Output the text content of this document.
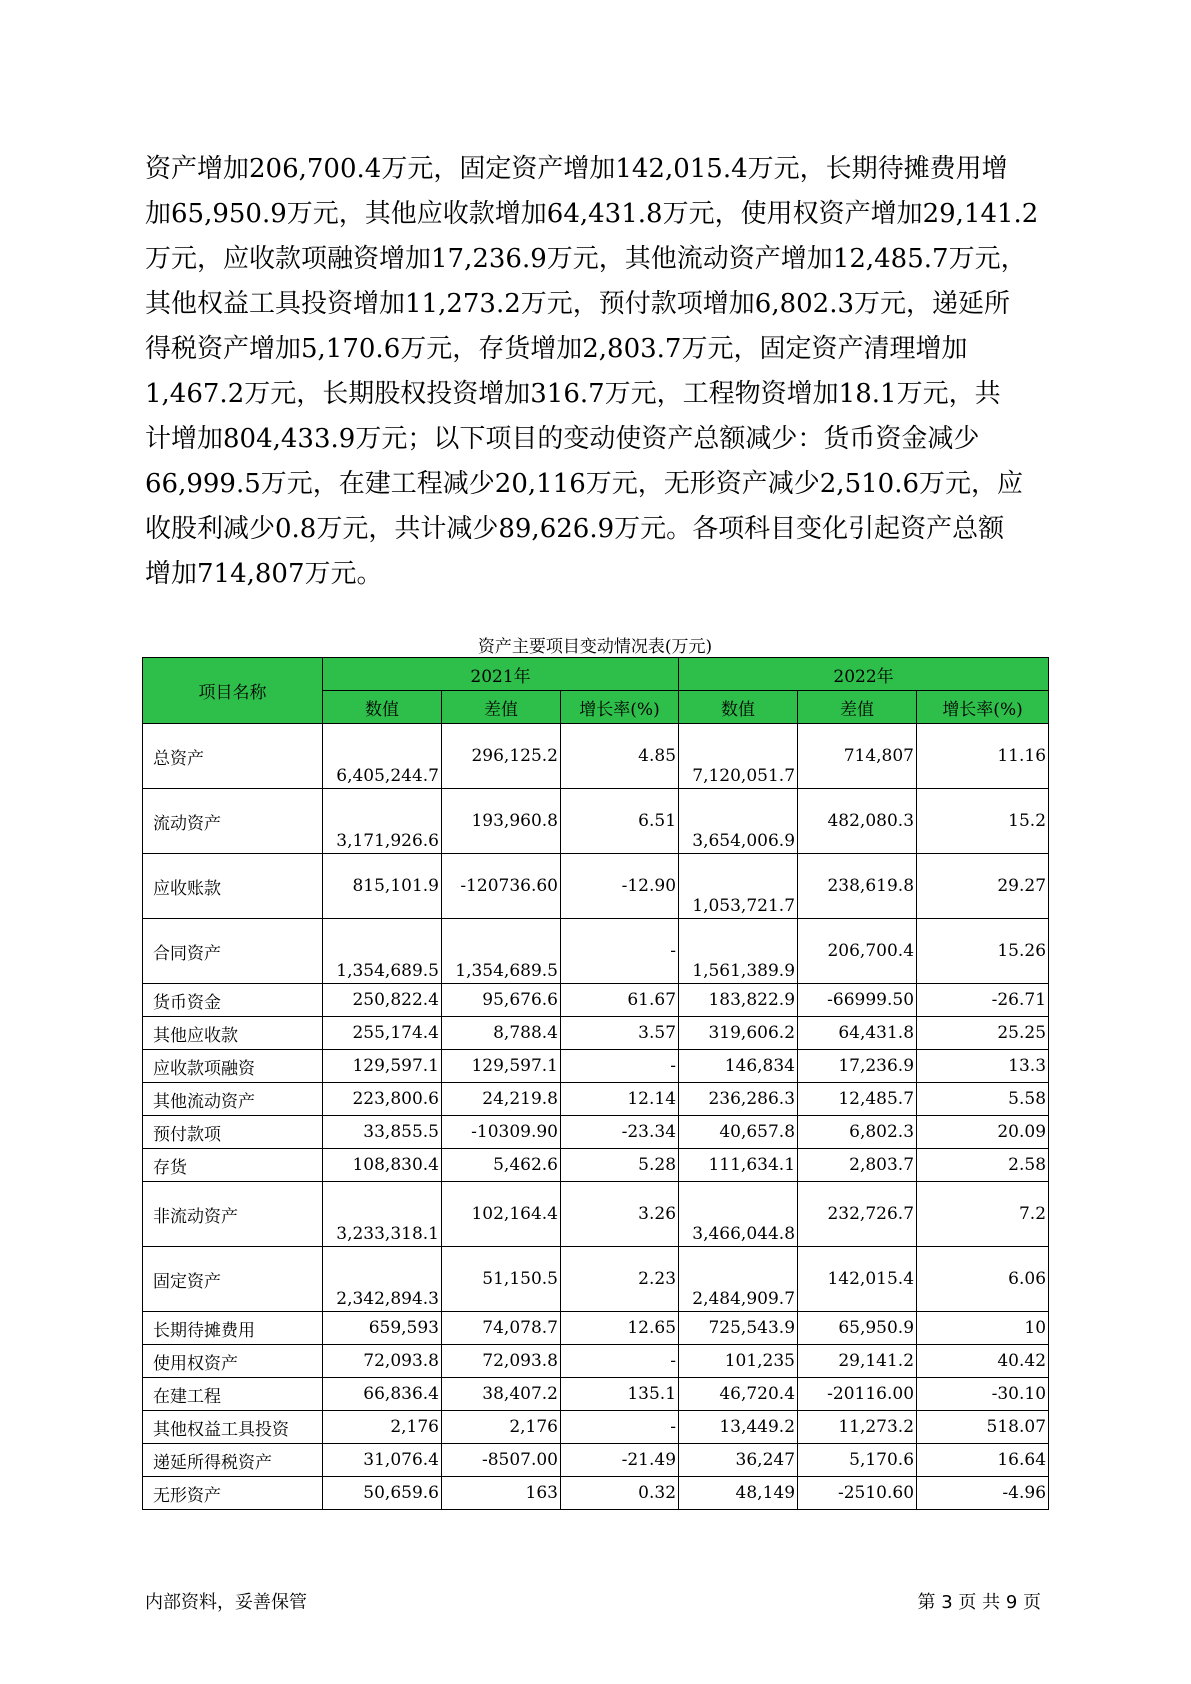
资产增加206,700.4万元，固定资产增加142,015.4万元，长期待摊费用增
加65,950.9万元，其他应收款增加64,431.8万元，使用权资产增加29,141.2
万元，应收款项融资增加17,236.9万元，其他流动资产增加12,485.7万元，
其他权益工具投资增加11,273.2万元，预付款项增加6,802.3万元，递延所
得税资产增加5,170.6万元，存货增加2,803.7万元，固定资产清理增加
1,467.2万元，长期股权投资增加316.7万元，工程物资增加18.1万元，共
计增加804,433.9万元；以下项目的变动使资产总额减少：货币资金减少
66,999.5万元，在建工程减少20,116万元，无形资产减少2,510.6万元，应
收股利减少0.8万元，共计减少89,626.9万元。各项科目变化引起资产总额
增加714,807万元。
资产主要项目变动情况表(万元)
项目名称	2021年			2022年		
	数值	差值	增长率(%)	数值	差值	增长率(%)
总资产	6,405,244.7	296,125.2	4.85	7,120,051.7	714,807	11.16
流动资产	3,171,926.6	193,960.8	6.51	3,654,006.9	482,080.3	15.2
应收账款	815,101.9	-120736.60	-12.90	1,053,721.7	238,619.8	29.27
合同资产	1,354,689.5	1,354,689.5	-	1,561,389.9	206,700.4	15.26
货币资金	250,822.4	95,676.6	61.67	183,822.9	-66999.50	-26.71
其他应收款	255,174.4	8,788.4	3.57	319,606.2	64,431.8	25.25
应收款项融资	129,597.1	129,597.1	-	146,834	17,236.9	13.3
其他流动资产	223,800.6	24,219.8	12.14	236,286.3	12,485.7	5.58
预付款项	33,855.5	-10309.90	-23.34	40,657.8	6,802.3	20.09
存货	108,830.4	5,462.6	5.28	111,634.1	2,803.7	2.58
非流动资产	3,233,318.1	102,164.4	3.26	3,466,044.8	232,726.7	7.2
固定资产	2,342,894.3	51,150.5	2.23	2,484,909.7	142,015.4	6.06
长期待摊费用	659,593	74,078.7	12.65	725,543.9	65,950.9	10
使用权资产	72,093.8	72,093.8	-	101,235	29,141.2	40.42
在建工程	66,836.4	38,407.2	135.1	46,720.4	-20116.00	-30.10
其他权益工具投资	2,176	2,176	-	13,449.2	11,273.2	518.07
递延所得税资产	31,076.4	-8507.00	-21.49	36,247	5,170.6	16.64
无形资产	50,659.6	163	0.32	48,149	-2510.60	-4.96
内部资料，妥善保管	第 3 页 共 9 页
